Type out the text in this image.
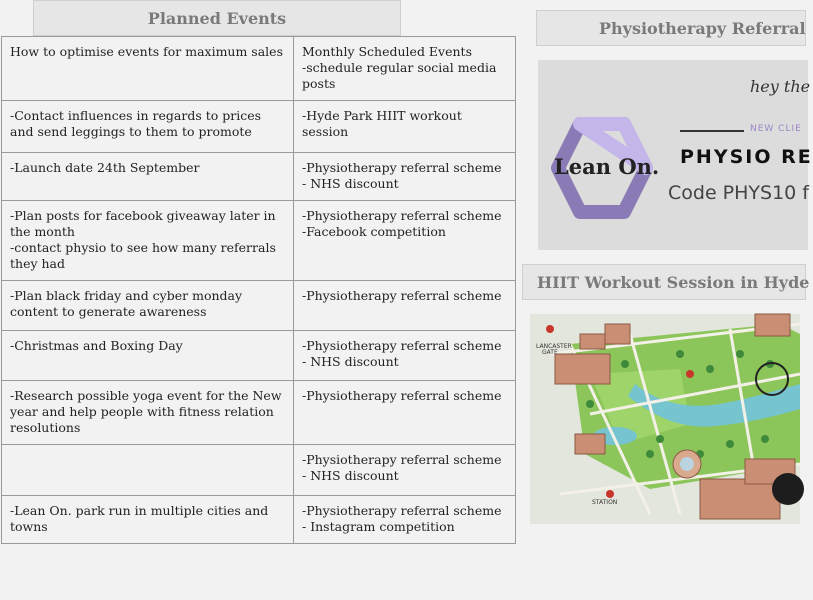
Planned Events
How to optimise events for maximum sales	Monthly Scheduled Events
-schedule regular social media posts
-Contact influences in regards to prices and send leggings to them to promote	-Hyde Park HIIT workout session
-Launch date 24th September	-Physiotherapy referral scheme
- NHS discount
-Plan posts for facebook giveaway later in the month
-contact physio to see how many referrals they had	-Physiotherapy referral scheme
-Facebook competition
-Plan black friday and cyber monday content to generate awareness	-Physiotherapy referral scheme
-Christmas and Boxing Day	-Physiotherapy referral scheme
- NHS discount
-Research possible yoga event for the New year and help people with fitness relation resolutions	-Physiotherapy referral scheme
	-Physiotherapy referral scheme
- NHS discount
-Lean On. park run in multiple cities and towns	-Physiotherapy referral scheme
- Instagram competition
Physiotherapy Referral
hey the
Lean On.
NEW CLIE
PHYSIO RE
Code PHYS10 f
HIIT Workout Session in Hyde
LANCASTER
GATE
STATION
